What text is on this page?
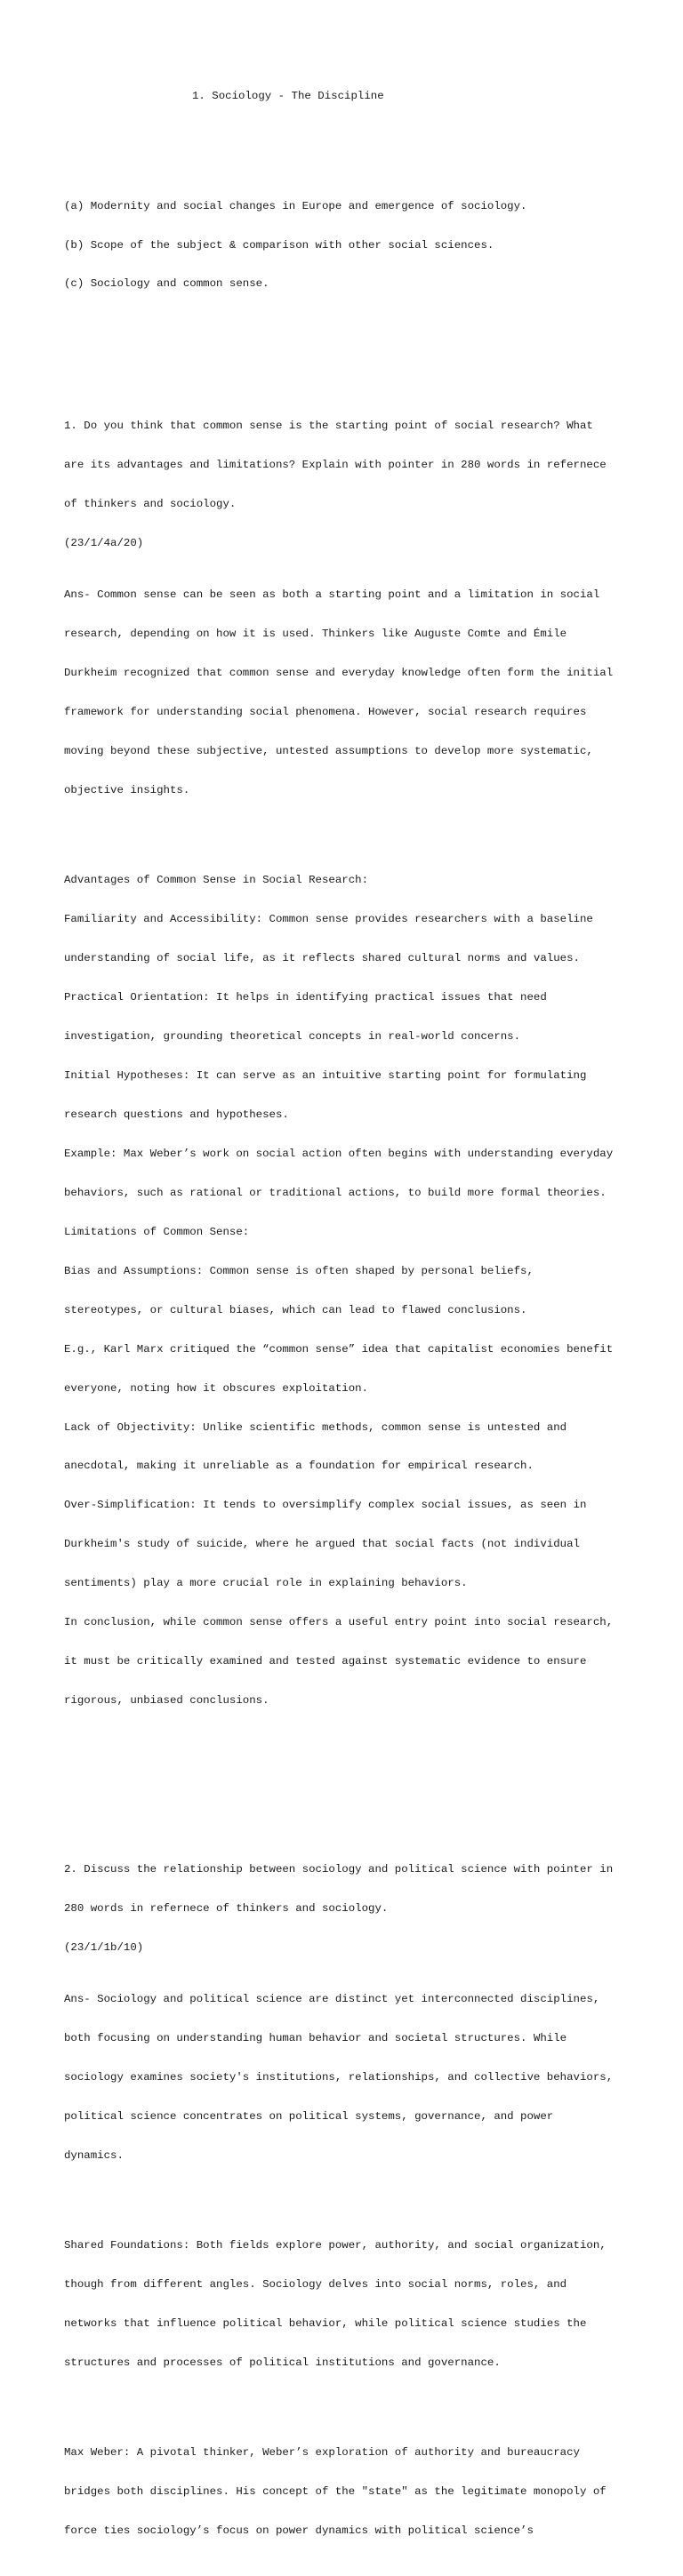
1. Sociology - The Discipline

(a) Modernity and social changes in Europe and emergence of sociology.

(b) Scope of the subject & comparison with other social sciences.

(c) Sociology and common sense.

1. Do you think that common sense is the starting point of social research? What

are its advantages and limitations? Explain with pointer in 280 words in refernece

of thinkers and sociology.

(23/1/4a/20)

Ans- Common sense can be seen as both a starting point and a limitation in social

research, depending on how it is used. Thinkers like Auguste Comte and Émile

Durkheim recognized that common sense and everyday knowledge often form the initial

framework for understanding social phenomena. However, social research requires

moving beyond these subjective, untested assumptions to develop more systematic,

objective insights.

Advantages of Common Sense in Social Research:

Familiarity and Accessibility: Common sense provides researchers with a baseline

understanding of social life, as it reflects shared cultural norms and values.

Practical Orientation: It helps in identifying practical issues that need

investigation, grounding theoretical concepts in real-world concerns.

Initial Hypotheses: It can serve as an intuitive starting point for formulating

research questions and hypotheses.

Example: Max Weber’s work on social action often begins with understanding everyday

behaviors, such as rational or traditional actions, to build more formal theories.

Limitations of Common Sense:

Bias and Assumptions: Common sense is often shaped by personal beliefs,

stereotypes, or cultural biases, which can lead to flawed conclusions.

E.g., Karl Marx critiqued the “common sense” idea that capitalist economies benefit

everyone, noting how it obscures exploitation.

Lack of Objectivity: Unlike scientific methods, common sense is untested and

anecdotal, making it unreliable as a foundation for empirical research.

Over-Simplification: It tends to oversimplify complex social issues, as seen in

Durkheim's study of suicide, where he argued that social facts (not individual

sentiments) play a more crucial role in explaining behaviors.

In conclusion, while common sense offers a useful entry point into social research,

it must be critically examined and tested against systematic evidence to ensure

rigorous, unbiased conclusions.

2. Discuss the relationship between sociology and political science with pointer in

280 words in refernece of thinkers and sociology.

(23/1/1b/10)

Ans- Sociology and political science are distinct yet interconnected disciplines,

both focusing on understanding human behavior and societal structures. While

sociology examines society's institutions, relationships, and collective behaviors,

political science concentrates on political systems, governance, and power

dynamics.

Shared Foundations: Both fields explore power, authority, and social organization,

though from different angles. Sociology delves into social norms, roles, and

networks that influence political behavior, while political science studies the

structures and processes of political institutions and governance.

Max Weber: A pivotal thinker, Weber’s exploration of authority and bureaucracy

bridges both disciplines. His concept of the "state" as the legitimate monopoly of

force ties sociology’s focus on power dynamics with political science’s
